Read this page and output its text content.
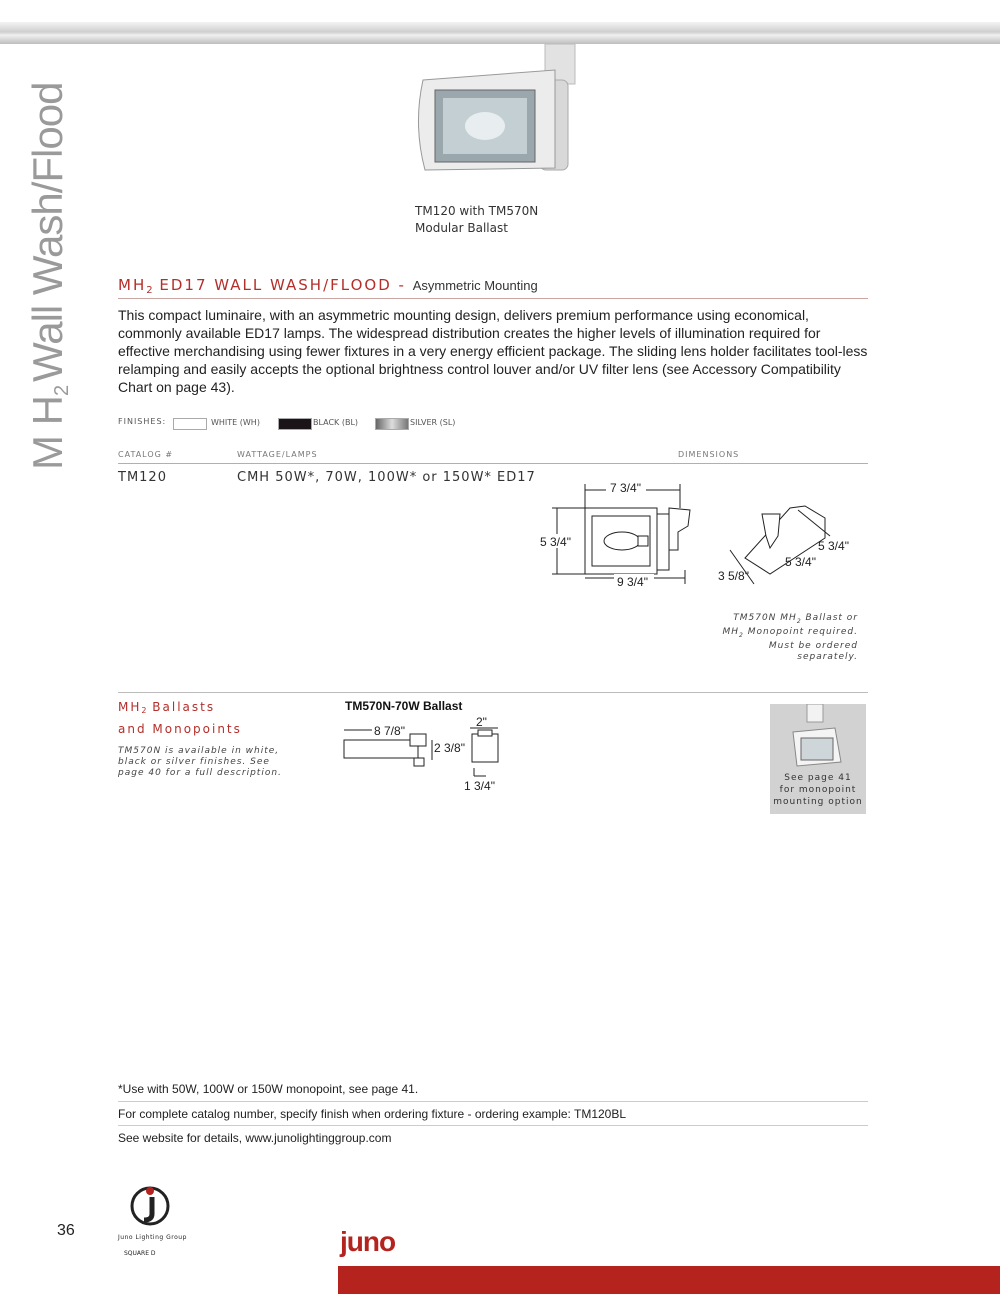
M $H_2Wall$ Wash/Flood	TM120 with TM570N
Modular Ballast
$MH_2$ ED17 WALL WASH/FLOOD - Asymmetric Mounting
This compact luminaire, with an asymmetric mounting design, delivers premium performance using economical, commonly available ED17 lamps. The widespread distribution creates the higher levels of illumination required for effective merchandising using fewer fixtures in a very energy efficient package. The sliding lens holder facilitates tool-less relamping and easily accepts the optional brightness control louver and/or UV filter lens (see Accessory Compatibility Chart on page 43).
FINISHES:	WHITE (WH)	BLACK (BL)	SILVER (SL)
CATALOG #	WATTAGE/LAMPS	DIMENSIONS
TM120	CMH 50W*, 70W, 100W* or 150W* ED17
7 3/4"
5 3/4"
9 3/4"
5 3/4"
5 3/4"
3 5/8"
TM570N $MH_2$ Ballast or
$MH_2$ Monopoint required.
Must be ordered separately.
MH2 Ballasts
and Monopoints
TM570N is available in white,
black or silver finishes. See
page 40 for a full description.
TM570N-70W Ballast
8 7/8"
2 3/8"
2"
1 3/4"
See page 41
for monopoint
mounting option
*Use with 50W, 100W or 150W monopoint, see page 41.
For complete catalog number, specify finish when ordering fixture - ordering example: TM120BL
See website for details, www.junolightinggroup.com
36	Juno Lighting Group
SQUARE D	juno
